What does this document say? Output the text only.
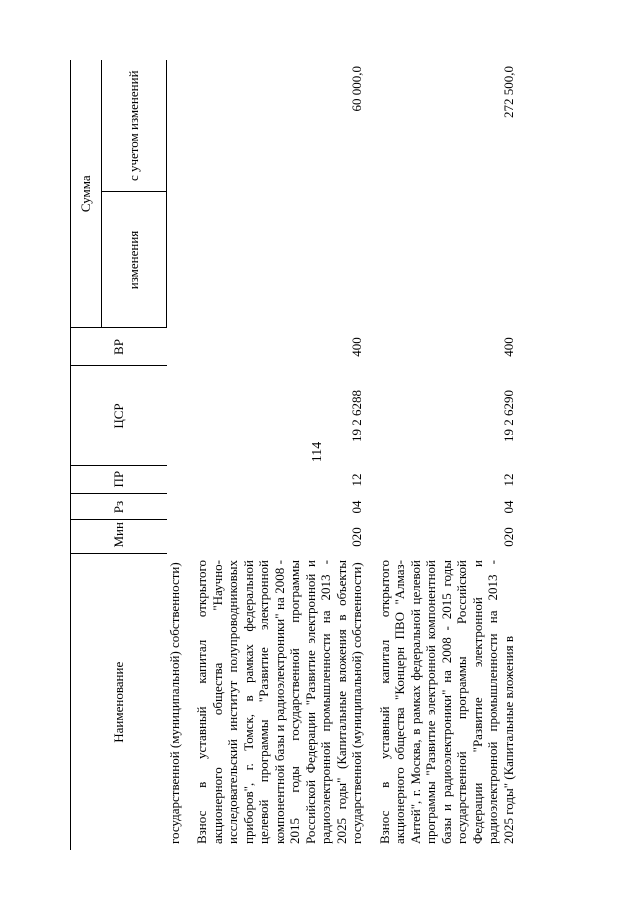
114
Наименование	Мин	Рз	ПР	ЦСР	ВР	Сумма	
						изменения	с учетом изменений
государственной (муниципальной) собственности)							

Взнос в уставный капитал открытого акционерного общества "Научно-исследовательский институт полупроводниковых приборов", г. Томск, в рамках федеральной целевой программы "Развитие электронной компонентной базы и радиоэлектроники" на 2008 - 2015 годы государственной программы Российской Федерации "Развитие электронной и радиоэлектронной промышленности на 2013 - 2025 годы" (Капитальные вложения в объекты государственной (муниципальной) собственности)	020	04	12	19 2 6288	400		60 000,0

Взнос в уставный капитал открытого акционерного общества "Концерн ПВО "Алмаз-Антей", г. Москва, в рамках федеральной целевой программы "Развитие электронной компонентной базы и радиоэлектроники" на 2008 - 2015 годы государственной программы Российской Федерации "Развитие электронной и радиоэлектронной промышленности на 2013 - 2025 годы" (Капитальные вложения в	020	04	12	19 2 6290	400		272 500,0
